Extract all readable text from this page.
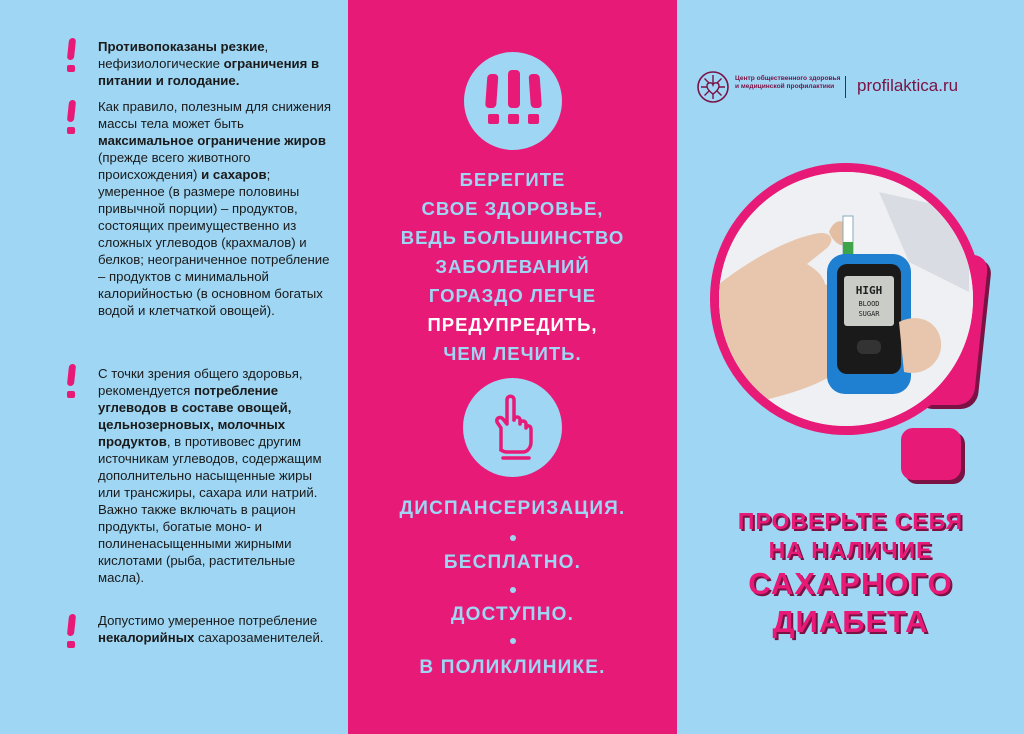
Противопоказаны резкие, нефизиологические ограничения в питании и голодание.
Как правило, полезным для снижения массы тела может быть максимальное ограничение жиров (прежде всего животного происхождения) и сахаров; умеренное (в размере половины привычной порции) – продуктов, состоящих преимущественно из сложных углеводов (крахмалов) и белков; неограниченное потребление – продуктов с минимальной калорийностью (в основном богатых водой и клетчаткой овощей).
С точки зрения общего здоровья, рекомендуется потребление углеводов в составе овощей, цельнозерновых, молочных продуктов, в противовес другим источникам углеводов, содержащим дополнительно насыщенные жиры или трансжиры, сахара или натрий. Важно также включать в рацион продукты, богатые моно- и полиненасыщенными жирными кислотами (рыба, растительные масла).
Допустимо умеренное потребление некалорийных сахарозаменителей.
БЕРЕГИТЕ
СВОЕ ЗДОРОВЬЕ,
ВЕДЬ БОЛЬШИНСТВО
ЗАБОЛЕВАНИЙ
ГОРАЗДО ЛЕГЧЕ
ПРЕДУПРЕДИТЬ,
ЧЕМ ЛЕЧИТЬ.
ДИСПАНСЕРИЗАЦИЯ.
БЕСПЛАТНО.
ДОСТУПНО.
В ПОЛИКЛИНИКЕ.
Центр общественного здоровья и медицинской профилактики	profilaktica.ru
HIGH
BLOOD
SUGAR
ПРОВЕРЬТЕ СЕБЯ
НА НАЛИЧИЕ
САХАРНОГО
ДИАБЕТА
